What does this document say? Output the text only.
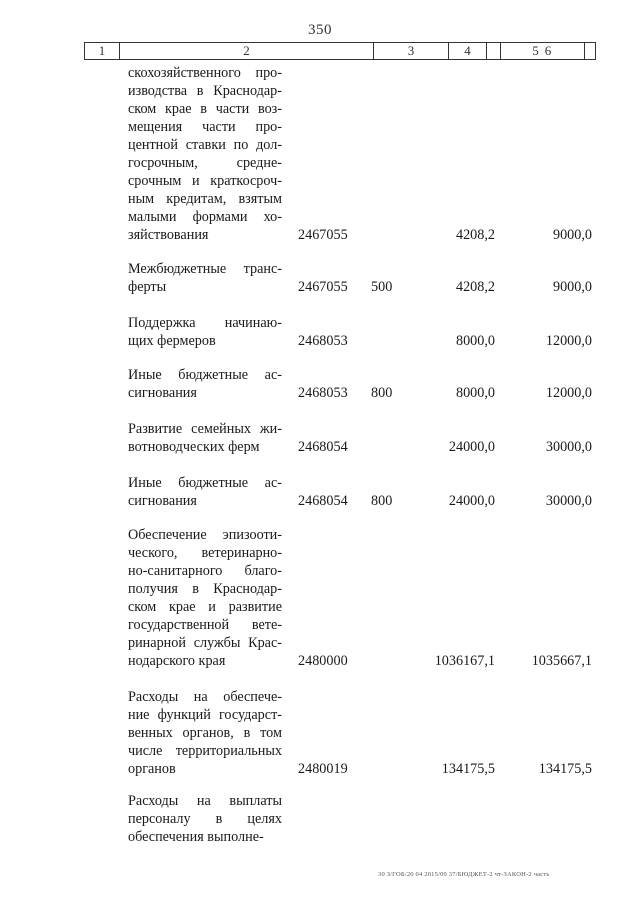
350
1	2	3	4	5 6
скохозяйственного про-
изводства в Краснодар-
ском крае в части воз-
мещения части про-
центной ставки по дол-
госрочным, средне-
срочным и краткосроч-
ным кредитам, взятым
малыми формами хо-
зяйствования	2467055	4208,2	9000,0
Межбюджетные транс-
ферты	2467055 500	4208,2	9000,0
Поддержка начинаю-
щих фермеров	2468053	8000,0	12000,0
Иные бюджетные ас-
сигнования	2468053 800	8000,0	12000,0
Развитие семейных жи-
вотноводческих ферм	2468054	24000,0	30000,0
Иные бюджетные ас-
сигнования	2468054 800	24000,0	30000,0
Обеспечение эпизооти-
ческого, ветеринарно-
но-санитарного благо-
получия в Краснодар-
ском крае и развитие
государственной вете-
ринарной службы Крас-
нодарского края	2480000	1036167,1	1035667,1
Расходы на обеспече-
ние функций государст-
венных органов, в том
числе территориальных
органов	2480019	134175,5	134175,5
Расходы на выплаты
персоналу в целях
обеспечения выполне-
30 З/ГОБ/20 04 2015/09 37/БЮДЖЕТ-2 чт-ЗАКОН-2 часть
